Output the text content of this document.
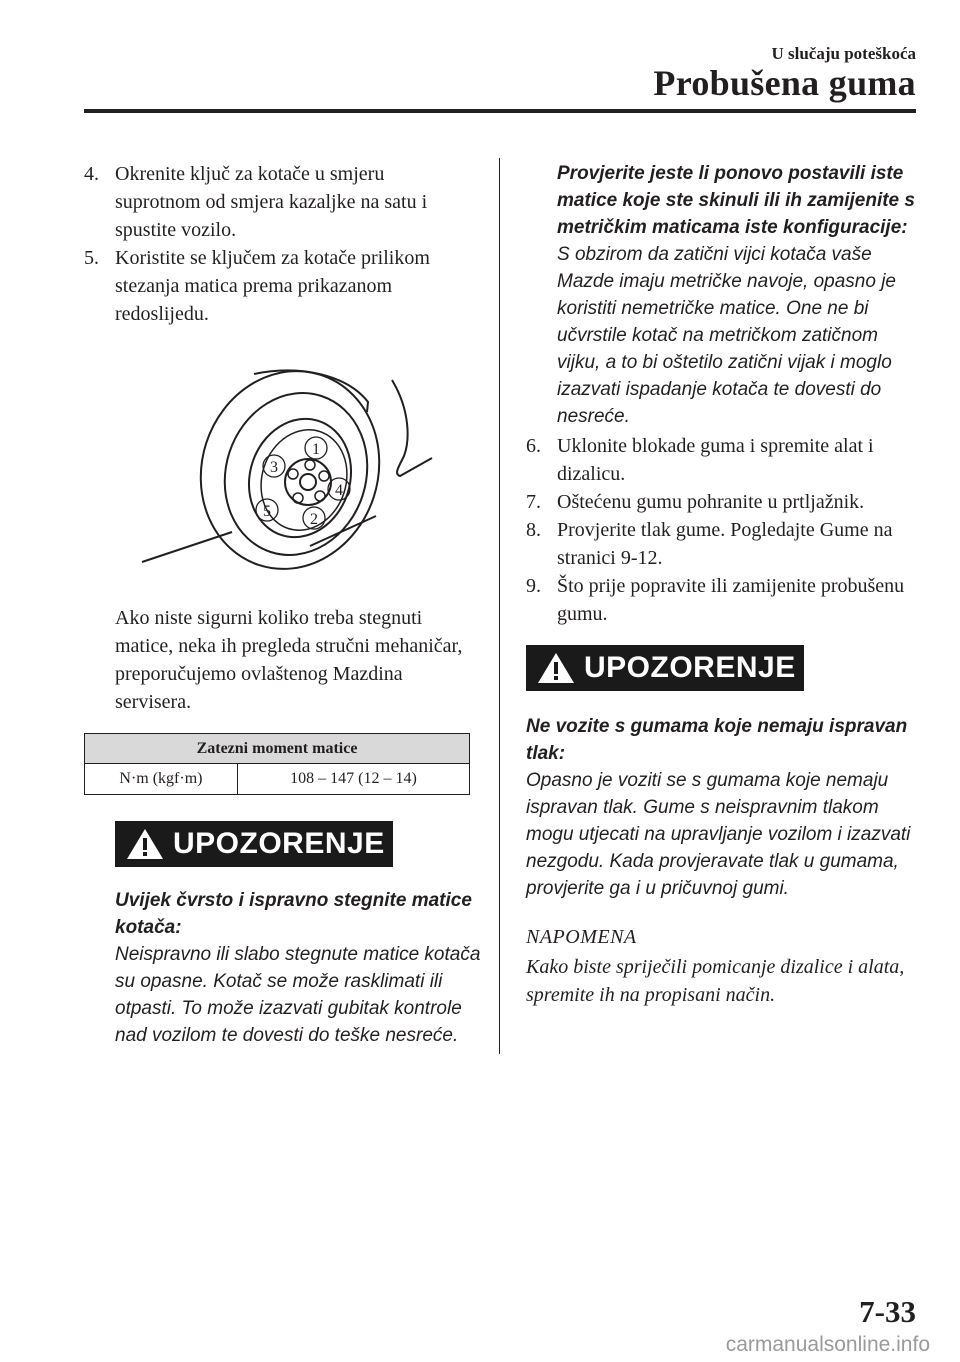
U slučaju poteškoća
Probušena guma
4. Okrenite ključ za kotače u smjeru suprotnom od smjera kazaljke na satu i spustite vozilo.
5. Koristite se ključem za kotače prilikom stezanja matica prema prikazanom redoslijedu.
1
2
3
4
5
Ako niste sigurni koliko treba stegnuti matice, neka ih pregleda stručni mehaničar, preporučujemo ovlaštenog Mazdina servisera.
Zatezni moment matice
N·m (kgf·m)	108 – 147 (12 – 14)
UPOZORENJE
Uvijek čvrsto i ispravno stegnite matice kotača:
Neispravno ili slabo stegnute matice kotača su opasne. Kotač se može rasklimati ili otpasti. To može izazvati gubitak kontrole nad vozilom te dovesti do teške nesreće.
Provjerite jeste li ponovo postavili iste matice koje ste skinuli ili ih zamijenite s metričkim maticama iste konfiguracije:
S obzirom da zatični vijci kotača vaše Mazde imaju metričke navoje, opasno je koristiti nemetričke matice. One ne bi učvrstile kotač na metričkom zatičnom vijku, a to bi oštetilo zatični vijak i moglo izazvati ispadanje kotača te dovesti do nesreće.
6. Uklonite blokade guma i spremite alat i dizalicu.
7. Oštećenu gumu pohranite u prtljažnik.
8. Provjerite tlak gume. Pogledajte Gume na stranici 9-12.
9. Što prije popravite ili zamijenite probušenu gumu.
UPOZORENJE
Ne vozite s gumama koje nemaju ispravan tlak:
Opasno je voziti se s gumama koje nemaju ispravan tlak. Gume s neispravnim tlakom mogu utjecati na upravljanje vozilom i izazvati nezgodu. Kada provjeravate tlak u gumama, provjerite ga i u pričuvnoj gumi.
NAPOMENA
Kako biste spriječili pomicanje dizalice i alata, spremite ih na propisani način.
7-33
carmanualsonline.info
